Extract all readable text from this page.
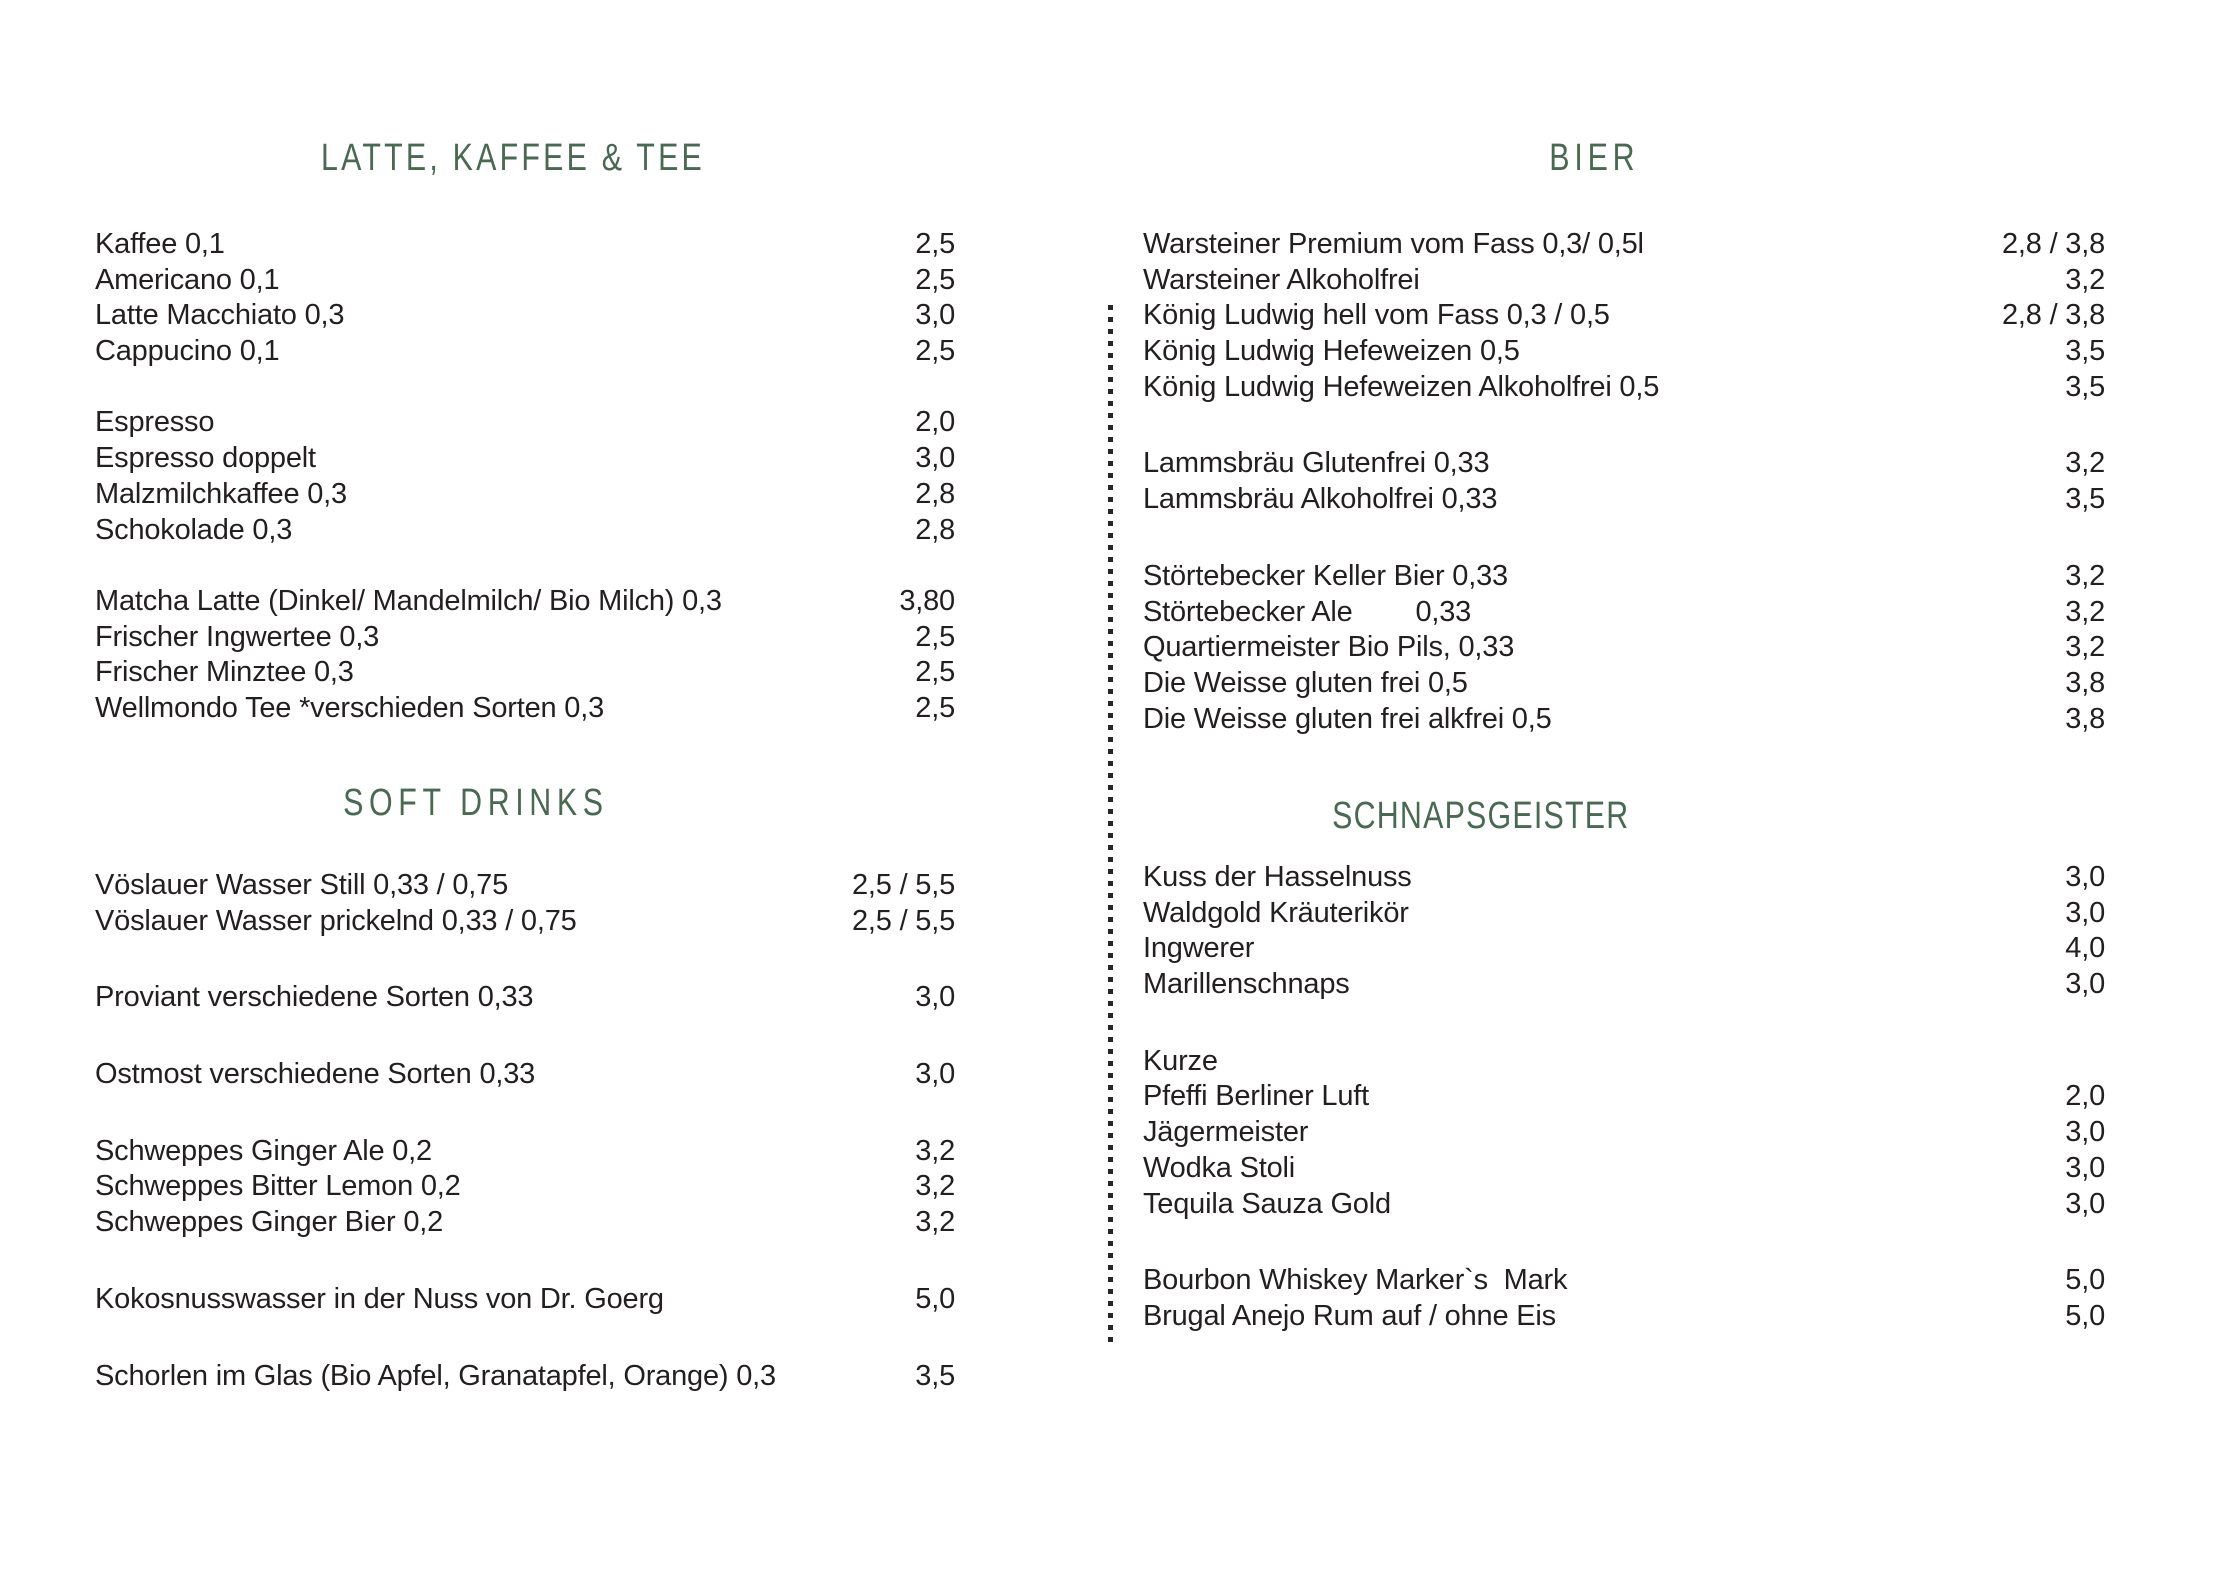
LATTE, KAFFEE & TEE	BIER
SOFT DRINKS	SCHNAPSGEISTER
Kaffee 0,1	2,5
Americano 0,1	2,5
Latte Macchiato 0,3	3,0
Cappucino 0,1	2,5
Espresso	2,0
Espresso doppelt	3,0
Malzmilchkaffee 0,3	2,8
Schokolade 0,3	2,8
Matcha Latte (Dinkel/ Mandelmilch/ Bio Milch) 0,3	3,80
Frischer Ingwertee 0,3	2,5
Frischer Minztee 0,3	2,5
Wellmondo Tee *verschieden Sorten 0,3	2,5
Vöslauer Wasser Still 0,33 / 0,75	2,5 / 5,5
Vöslauer Wasser prickelnd 0,33 / 0,75	2,5 / 5,5
Proviant verschiedene Sorten 0,33	3,0
Ostmost verschiedene Sorten 0,33	3,0
Schweppes Ginger Ale 0,2	3,2
Schweppes Bitter Lemon 0,2	3,2
Schweppes Ginger Bier 0,2	3,2
Kokosnusswasser in der Nuss von Dr. Goerg	5,0
Schorlen im Glas (Bio Apfel, Granatapfel, Orange) 0,3	3,5
Warsteiner Premium vom Fass 0,3/ 0,5l	2,8 / 3,8
Warsteiner Alkoholfrei	3,2
König Ludwig hell vom Fass 0,3 / 0,5	2,8 / 3,8
König Ludwig Hefeweizen 0,5	3,5
König Ludwig Hefeweizen Alkoholfrei 0,5	3,5
Lammsbräu Glutenfrei 0,33	3,2
Lammsbräu Alkoholfrei 0,33	3,5
Störtebecker Keller Bier 0,33	3,2
Störtebecker Ale        0,33	3,2
Quartiermeister Bio Pils, 0,33	3,2
Die Weisse gluten frei 0,5	3,8
Die Weisse gluten frei alkfrei 0,5	3,8
Kuss der Hasselnuss	3,0
Waldgold Kräuterikör	3,0
Ingwerer	4,0
Marillenschnaps	3,0
Kurze
Pfeffi Berliner Luft	2,0
Jägermeister	3,0
Wodka Stoli	3,0
Tequila Sauza Gold	3,0
Bourbon Whiskey Marker`s  Mark	5,0
Brugal Anejo Rum auf / ohne Eis	5,0
